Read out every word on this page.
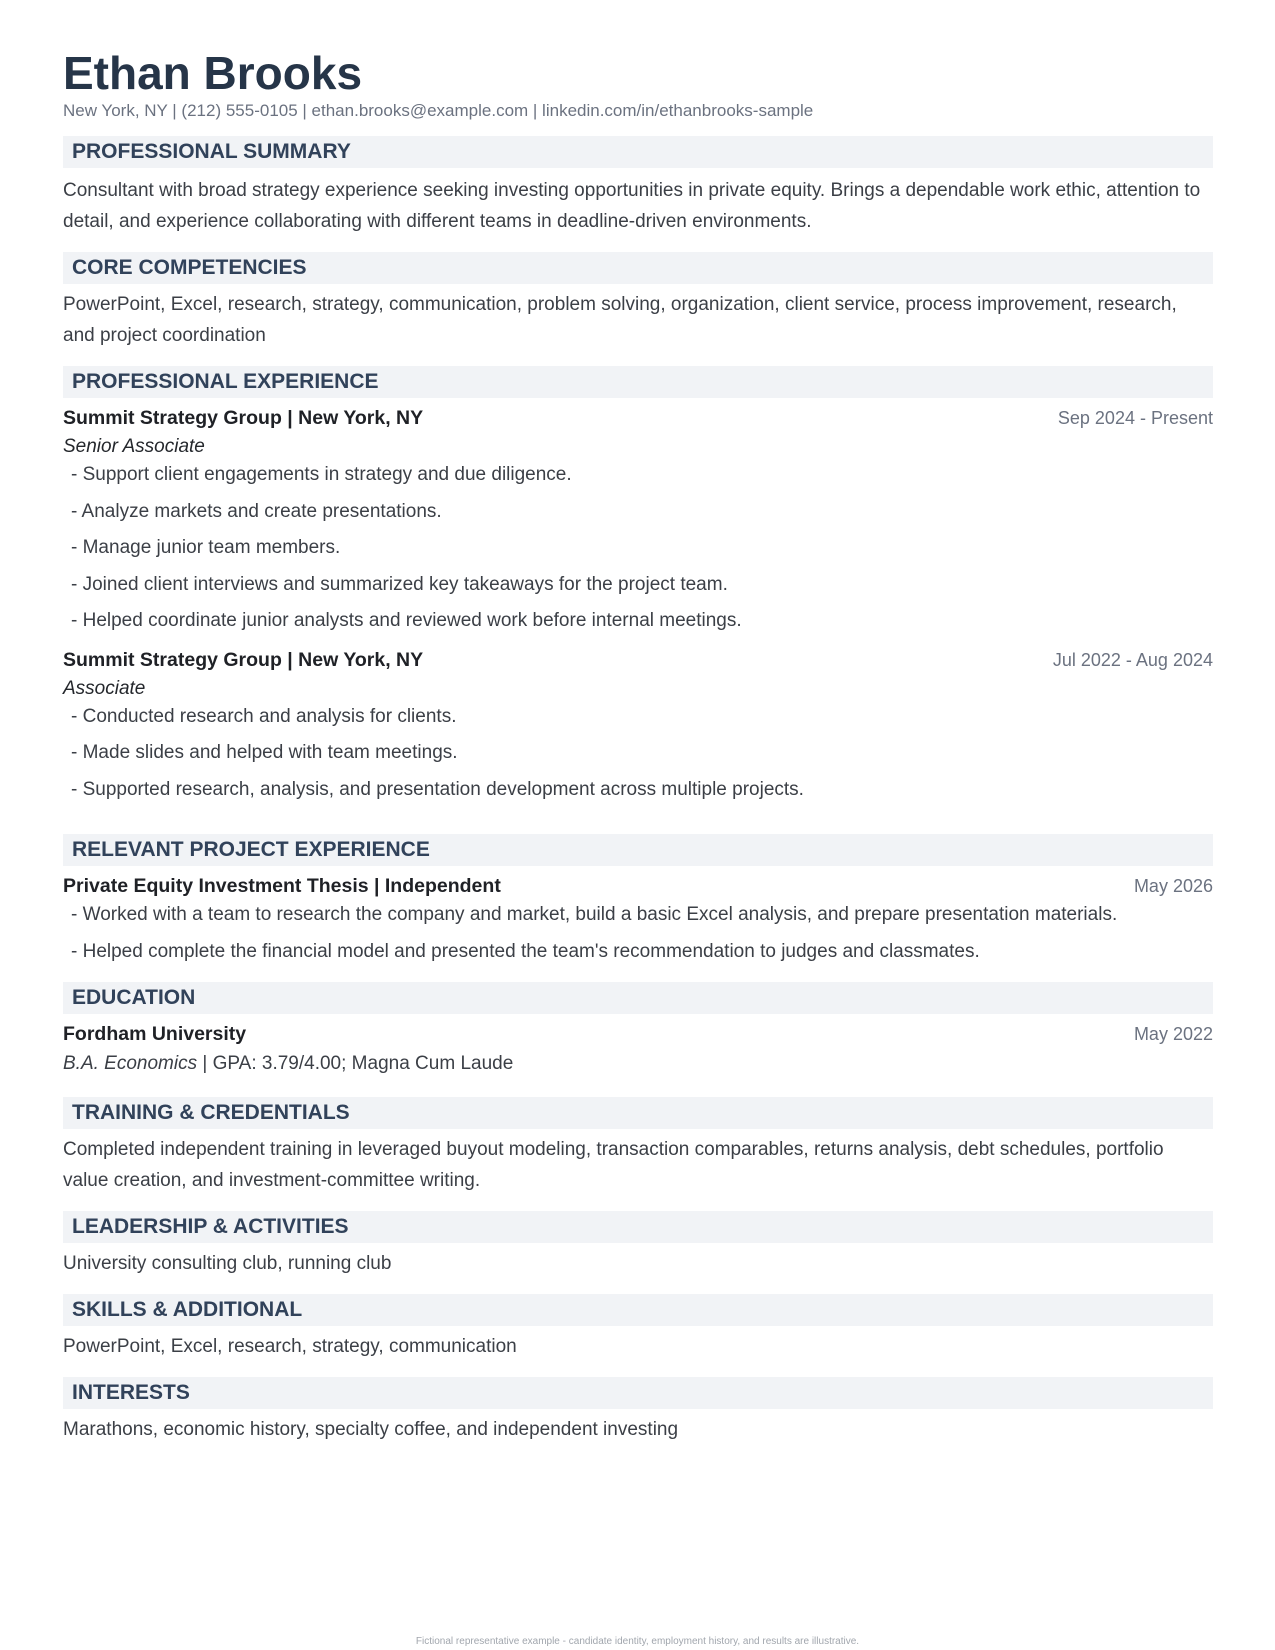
Ethan Brooks
New York, NY | (212) 555-0105 | ethan.brooks@example.com | linkedin.com/in/ethanbrooks-sample
PROFESSIONAL SUMMARY
Consultant with broad strategy experience seeking investing opportunities in private equity. Brings a dependable work ethic, attention to detail, and experience collaborating with different teams in deadline-driven environments.
CORE COMPETENCIES
PowerPoint, Excel, research, strategy, communication, problem solving, organization, client service, process improvement, research, and project coordination
PROFESSIONAL EXPERIENCE
Summit Strategy Group | New York, NY	Sep 2024 - Present
Senior Associate
- Support client engagements in strategy and due diligence.
- Analyze markets and create presentations.
- Manage junior team members.
- Joined client interviews and summarized key takeaways for the project team.
- Helped coordinate junior analysts and reviewed work before internal meetings.
Summit Strategy Group | New York, NY	Jul 2022 - Aug 2024
Associate
- Conducted research and analysis for clients.
- Made slides and helped with team meetings.
- Supported research, analysis, and presentation development across multiple projects.
RELEVANT PROJECT EXPERIENCE
Private Equity Investment Thesis | Independent	May 2026
- Worked with a team to research the company and market, build a basic Excel analysis, and prepare presentation materials.
- Helped complete the financial model and presented the team's recommendation to judges and classmates.
EDUCATION
Fordham University	May 2022
B.A. Economics | GPA: 3.79/4.00; Magna Cum Laude
TRAINING & CREDENTIALS
Completed independent training in leveraged buyout modeling, transaction comparables, returns analysis, debt schedules, portfolio value creation, and investment-committee writing.
LEADERSHIP & ACTIVITIES
University consulting club, running club
SKILLS & ADDITIONAL
PowerPoint, Excel, research, strategy, communication
INTERESTS
Marathons, economic history, specialty coffee, and independent investing
Fictional representative example - candidate identity, employment history, and results are illustrative.
